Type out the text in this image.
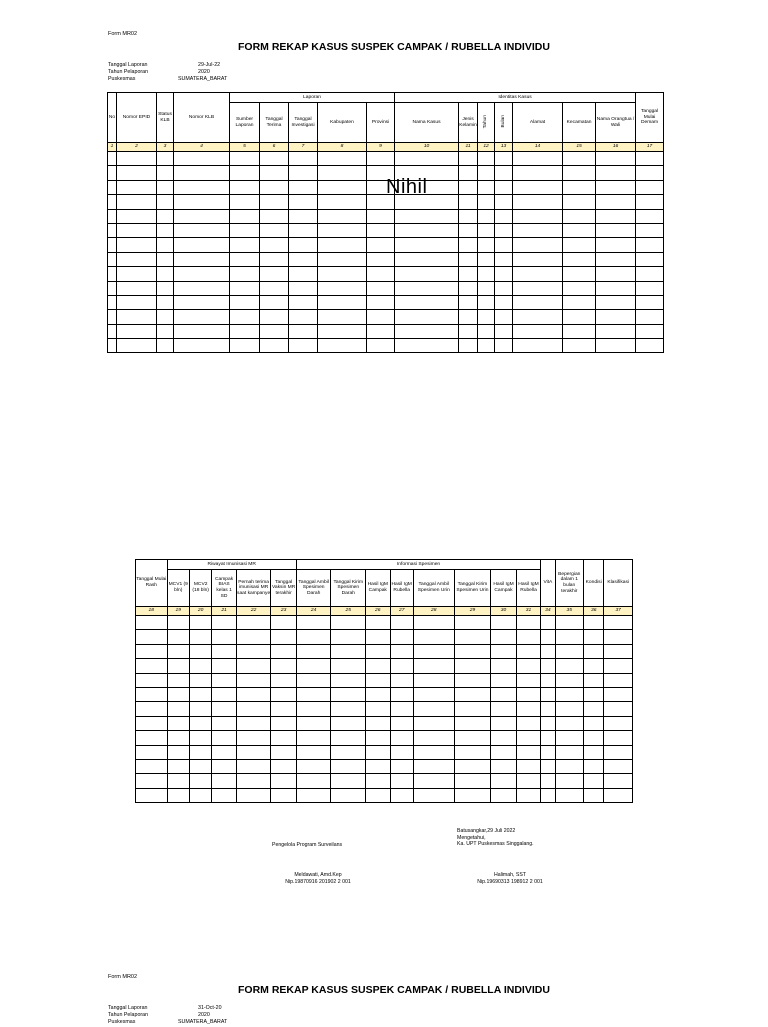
Form MR02
FORM REKAP KASUS SUSPEK CAMPAK / RUBELLA INDIVIDU
Tanggal Laporan	29-Jul-22
Tahun Pelaporan	2020
Puskesmas	SUMATERA_BARAT
No	Nomor EPID	Status KLB	Nomor KLB	Laporan					Identitas Kasus							Tanggal Mulai Demam
				Sumber Laporan	Tanggal Terima	Tanggal Investigasi	Kabupaten	Provinsi	Nama Kasus	Jenis Kelamin	Tahun	Bulan	Alamat	Kecamatan	Nama Orangtua / Wali	
1	2	3	4	5	6	7	8	9	10	11	12	13	14	15	16	17

Nihil
Tanggal Mulai Rash	Riwayat Imunisasi MR					Informasi Spesimen								VitA	Bepergian dalam 1 bulan terakhir	Kondisi	Klasifikasi
	MCV1 (9 bln)	MCV2 (18 bln)	Campak BIAS kelas 1 SD	Pernah terima imunisasi MR saat kampanye	Tanggal Vaksin MR terakhir	Tanggal Ambil Spesimen Darah	Tanggal Kirim Spesimen Darah	Hasil IgM Campak	Hasil IgM Rubella	Tanggal Ambil Spesimen Urin	Tanggal Kirim Spesimen Urin	Hasil IgM Campak	Hasil IgM Rubella				
18	19	20	21	22	23	24	25	26	27	28	29	30	31	34	35	36	37

Batusangkar,29 Juli 2022
Mengetahui,
Ka. UPT Puskesmas Singgalang.
Pengelola Program Surveilans
Meldawati, Amd.Kep
Nip.19870916 201902 2 001
Halimah, SST
Nip.19690313 198912 2 001
Form MR02
FORM REKAP KASUS SUSPEK CAMPAK / RUBELLA INDIVIDU
Tanggal Laporan	31-Oct-20
Tahun Pelaporan	2020
Puskesmas	SUMATERA_BARAT
